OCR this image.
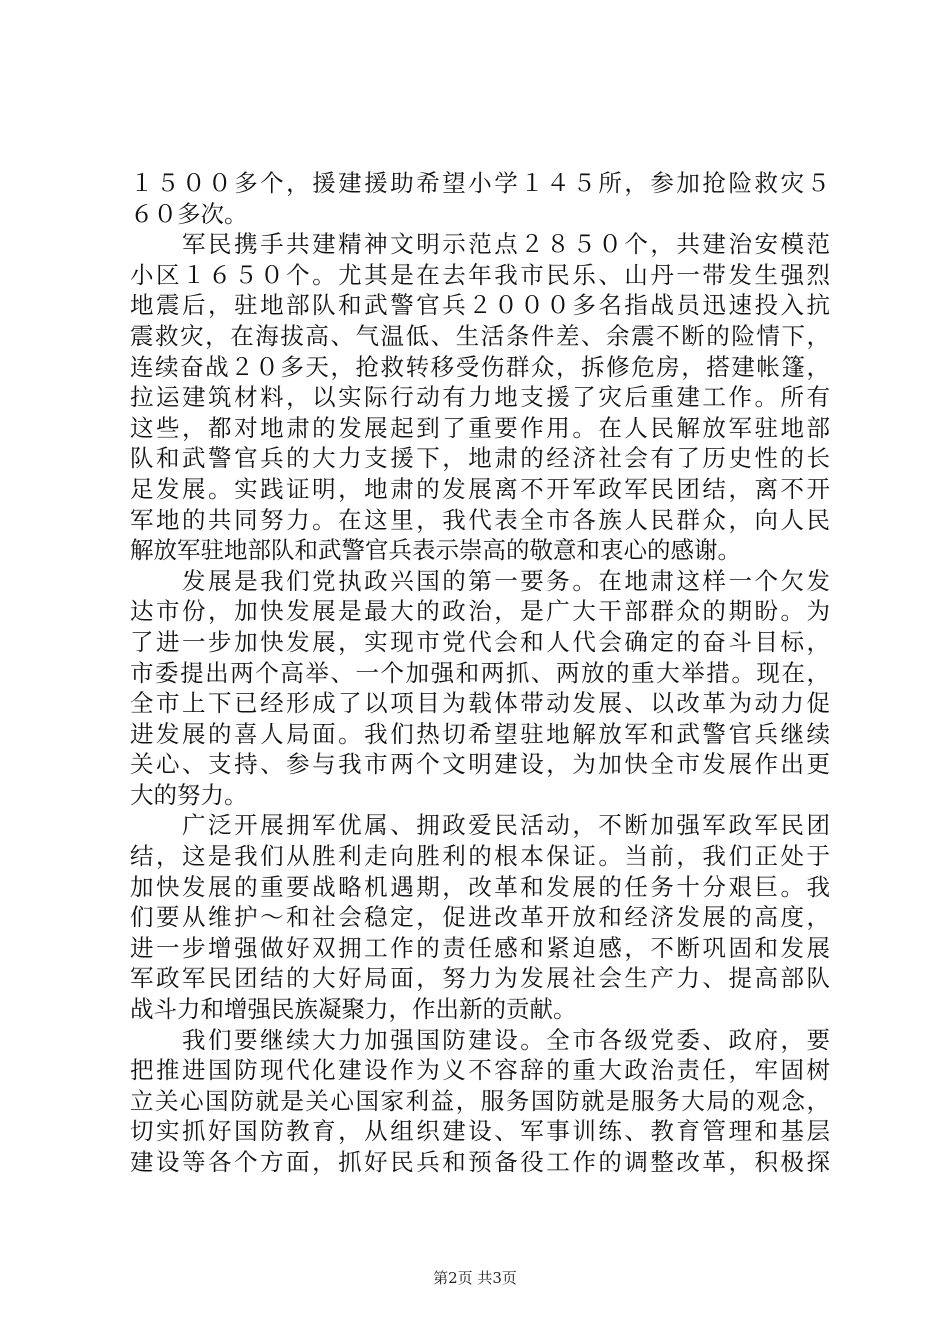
１５００多个，援建援助希望小学１４５所，参加抢险救灾５
６０多次。
　　军民携手共建精神文明示范点２８５０个，共建治安模范
小区１６５０个。尤其是在去年我市民乐、山丹一带发生强烈
地震后，驻地部队和武警官兵２０００多名指战员迅速投入抗
震救灾，在海拔高、气温低、生活条件差、余震不断的险情下，
连续奋战２０多天，抢救转移受伤群众，拆修危房，搭建帐篷，
拉运建筑材料，以实际行动有力地支援了灾后重建工作。所有
这些，都对地肃的发展起到了重要作用。在人民解放军驻地部
队和武警官兵的大力支援下，地肃的经济社会有了历史性的长
足发展。实践证明，地肃的发展离不开军政军民团结，离不开
军地的共同努力。在这里，我代表全市各族人民群众，向人民
解放军驻地部队和武警官兵表示崇高的敬意和衷心的感谢。
　　发展是我们党执政兴国的第一要务。在地肃这样一个欠发
达市份，加快发展是最大的政治，是广大干部群众的期盼。为
了进一步加快发展，实现市党代会和人代会确定的奋斗目标，
市委提出两个高举、一个加强和两抓、两放的重大举措。现在，
全市上下已经形成了以项目为载体带动发展、以改革为动力促
进发展的喜人局面。我们热切希望驻地解放军和武警官兵继续
关心、支持、参与我市两个文明建设，为加快全市发展作出更
大的努力。
　　广泛开展拥军优属、拥政爱民活动，不断加强军政军民团
结，这是我们从胜利走向胜利的根本保证。当前，我们正处于
加快发展的重要战略机遇期，改革和发展的任务十分艰巨。我
们要从维护～和社会稳定，促进改革开放和经济发展的高度，
进一步增强做好双拥工作的责任感和紧迫感，不断巩固和发展
军政军民团结的大好局面，努力为发展社会生产力、提高部队
战斗力和增强民族凝聚力，作出新的贡献。
　　我们要继续大力加强国防建设。全市各级党委、政府，要
把推进国防现代化建设作为义不容辞的重大政治责任，牢固树
立关心国防就是关心国家利益，服务国防就是服务大局的观念，
切实抓好国防教育，从组织建设、军事训练、教育管理和基层
建设等各个方面，抓好民兵和预备役工作的调整改革，积极探
第2页 共3页
